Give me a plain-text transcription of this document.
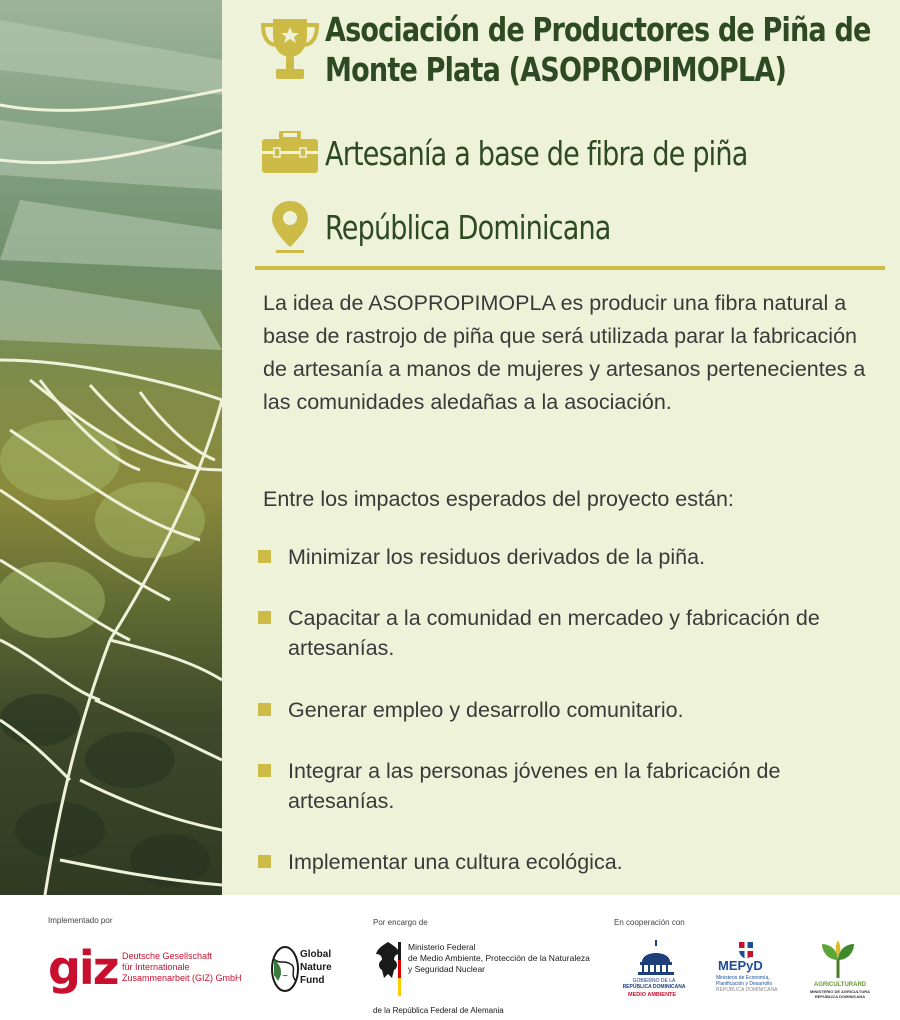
Asociación de Productores de Piña de Monte Plata (ASOPROPIMOPLA)
Artesanía a base de fibra de piña
República Dominicana

La idea de ASOPROPIMOPLA es producir una fibra natural a base de rastrojo de piña que será utilizada parar la fabricación de artesanía a manos de mujeres y artesanos pertenecientes a las comunidades aledañas a la asociación.

Entre los impactos esperados del proyecto están:

Minimizar los residuos derivados de la piña.
Capacitar a la comunidad en mercadeo y fabricación de artesanías.
Generar empleo y desarrollo comunitario.
Integrar a las personas jóvenes en la fabricación de artesanías.
Implementar una cultura ecológica.
Implementado por	Por encargo de	En cooperación con
giz Deutsche Gesellschaft
für Internationale
Zusammenarbeit (GIZ) GmbH
Global
Nature
Fund
Ministerio Federal
de Medio Ambiente, Protección de la Naturaleza
y Seguridad Nuclear
de la República Federal de Alemania
GOBIERNO DE LA
REPÚBLICA DOMINICANA
MEDIO AMBIENTE
MEPyD
Ministerio de Economía,
Planificación y Desarrollo
REPÚBLICA DOMINICANA
AGRICULTURARD
MINISTERIO DE AGRICULTURA
REPÚBLICA DOMINICANA
